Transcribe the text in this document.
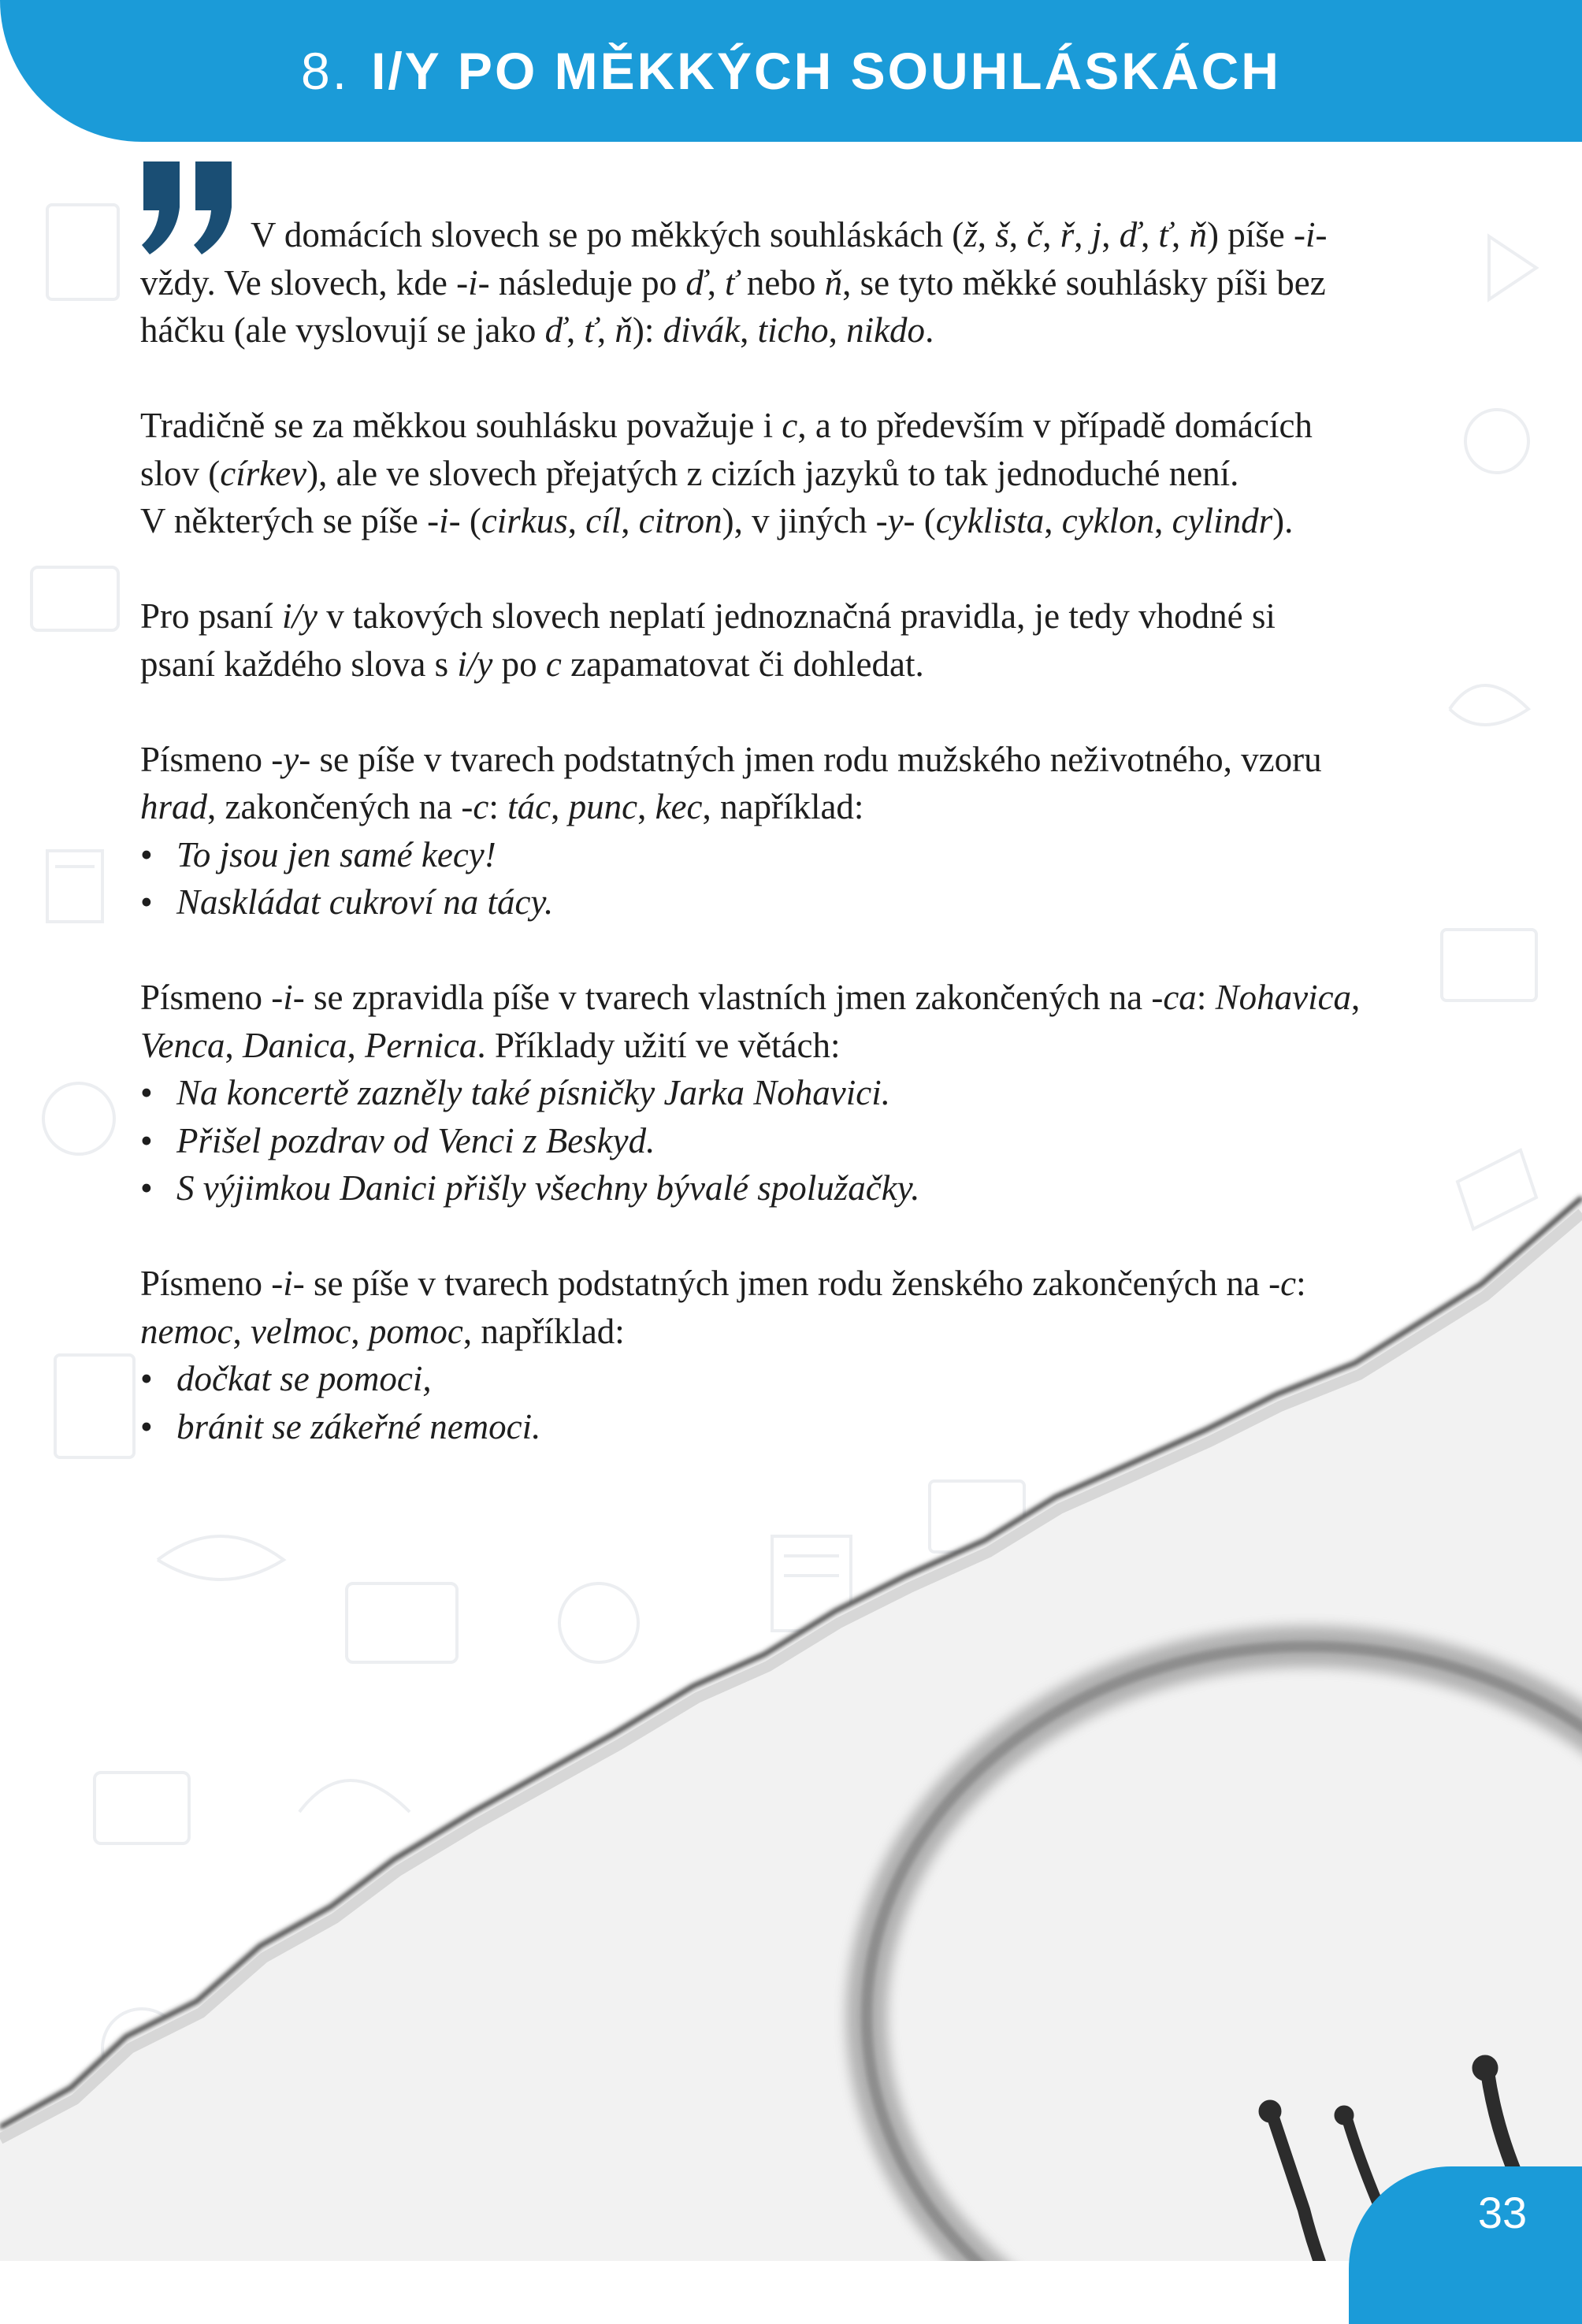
8. I/Y PO MĚKKÝCH SOUHLÁSKÁCH

V domácích slovech se po měkkých souhláskách (ž, š, č, ř, j, ď, ť, ň) píše -i-
vždy. Ve slovech, kde -i- následuje po ď, ť nebo ň, se tyto měkké souhlásky píši bez
háčku (ale vyslovují se jako ď, ť, ň): divák, ticho, nikdo.

Tradičně se za měkkou souhlásku považuje i c, a to především v případě domácích
slov (církev), ale ve slovech přejatých z cizích jazyků to tak jednoduché není.
V některých se píše -i- (cirkus, cíl, citron), v jiných -y- (cyklista, cyklon, cylindr).

Pro psaní i/y v takových slovech neplatí jednoznačná pravidla, je tedy vhodné si
psaní každého slova s i/y po c zapamatovat či dohledat.

Písmeno -y- se píše v tvarech podstatných jmen rodu mužského neživotného, vzoru
hrad, zakončených na -c: tác, punc, kec, například:

• To jsou jen samé kecy!
• Naskládat cukroví na tácy.

Písmeno -i- se zpravidla píše v tvarech vlastních jmen zakončených na -ca: Nohavica,
Venca, Danica, Pernica. Příklady užití ve větách:

• Na koncertě zazněly také písničky Jarka Nohavici.
• Přišel pozdrav od Venci z Beskyd.
• S výjimkou Danici přišly všechny bývalé spolužačky.

Písmeno -i- se píše v tvarech podstatných jmen rodu ženského zakončených na -c:
nemoc, velmoc, pomoc, například:

• dočkat se pomoci,
• bránit se zákeřné nemoci.
33
